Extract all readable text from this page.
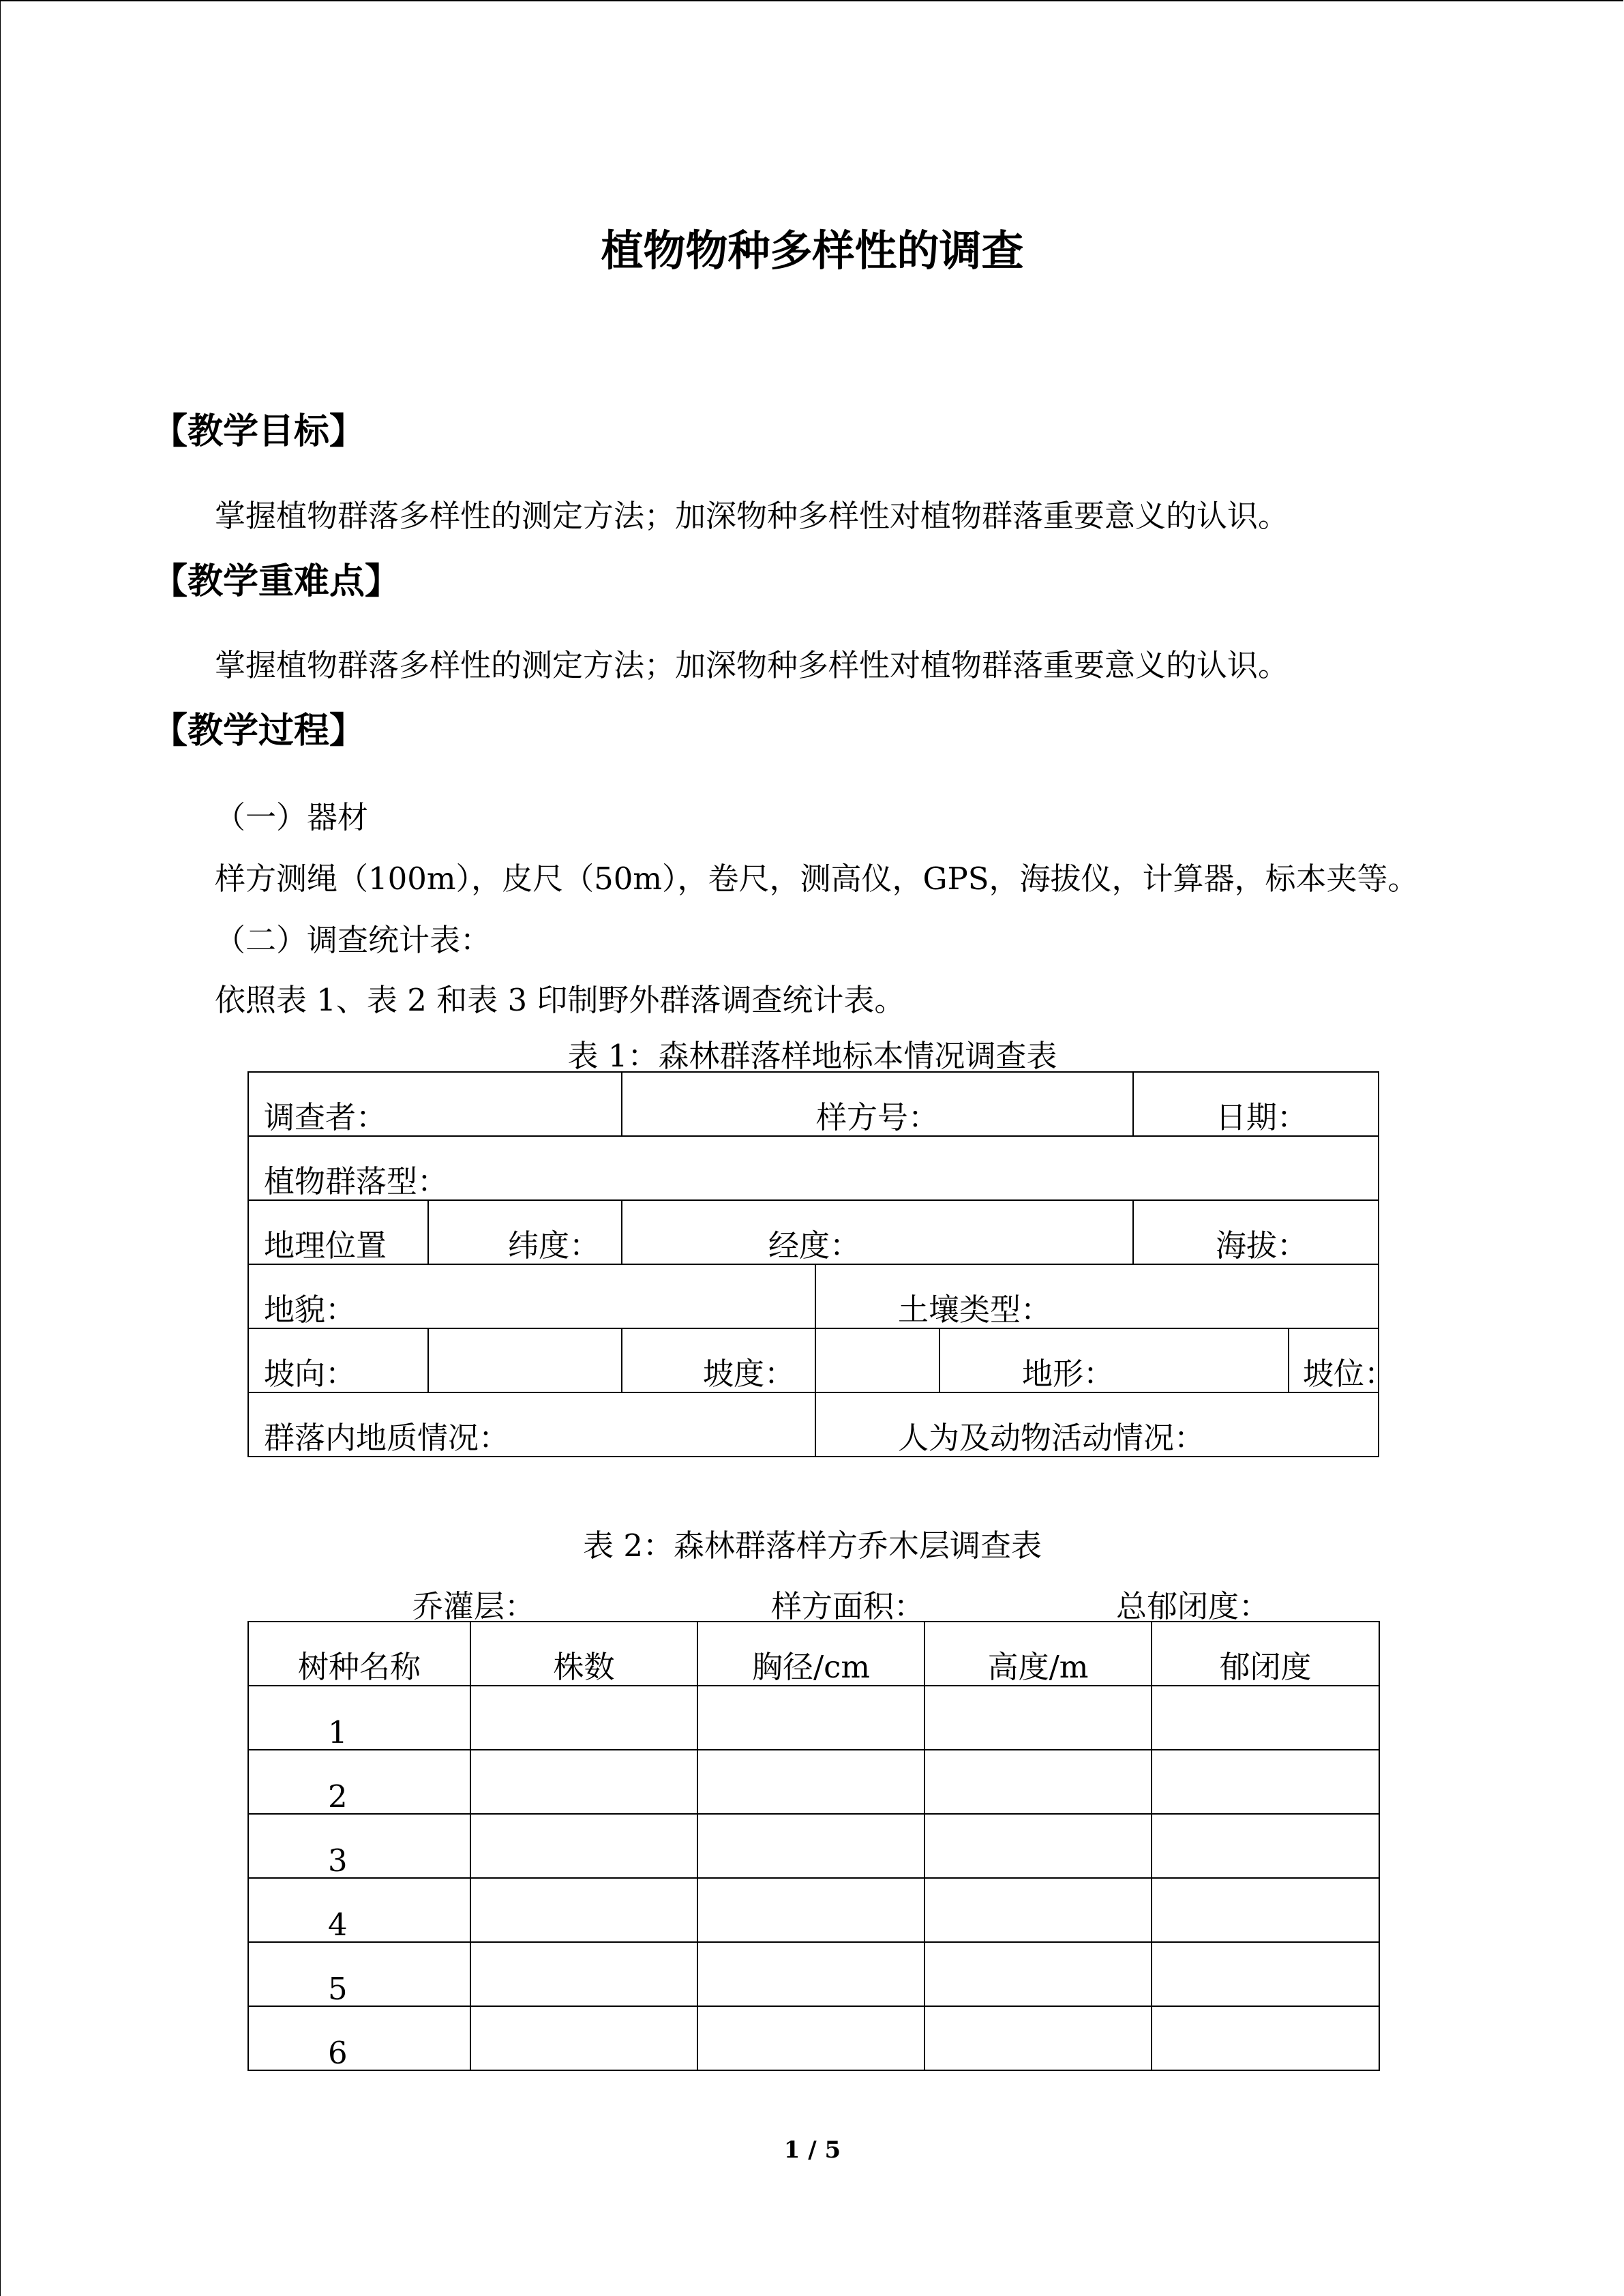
植物物种多样性的调查
【教学目标】
掌握植物群落多样性的测定方法；加深物种多样性对植物群落重要意义的认识。
【教学重难点】
掌握植物群落多样性的测定方法；加深物种多样性对植物群落重要意义的认识。
【教学过程】
（一）器材
样方测绳（100m），皮尺（50m），卷尺，测高仪，GPS，海拔仪，计算器，标本夹等。
（二）调查统计表：
依照表 1、表 2 和表 3 印制野外群落调查统计表。
表 1：森林群落样地标本情况调查表
调查者：		样方号：			日期：	
植物群落型：						
地理位置	纬度：	经度：			海拔：	
地貌：			土壤类型：			
坡向：		坡度：		地形：		坡位：
群落内地质情况：			人为及动物活动情况：			
表 2：森林群落样方乔木层调查表
乔灌层：	样方面积：	总郁闭度：
树种名称	株数	胸径/cm	高度/m	郁闭度
1				
2				
3				
4				
5				
6				
1 / 5
